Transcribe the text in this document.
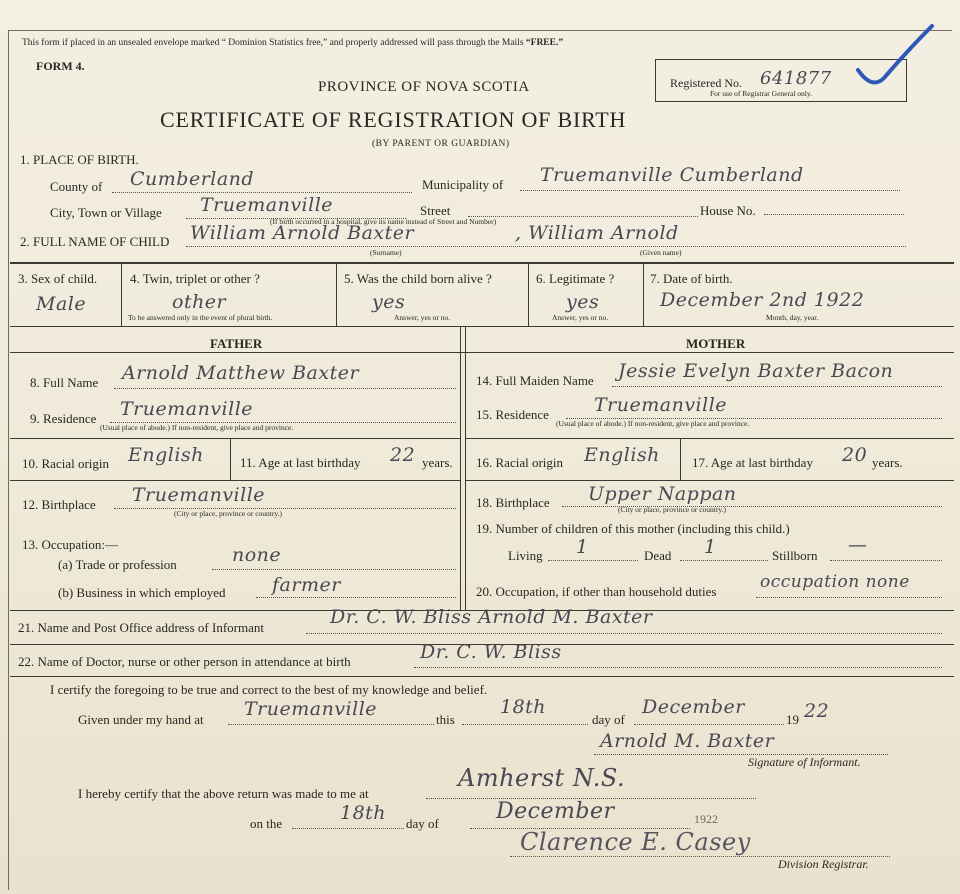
This form if placed in an unsealed envelope marked “ Dominion Statistics free,” and properly addressed will pass through the Mails “FREE.”
FORM 4.
PROVINCE OF NOVA SCOTIA
CERTIFICATE OF REGISTRATION OF BIRTH
(BY PARENT OR GUARDIAN)
Registered No. 641877
For use of Registrar General only.
1. PLACE OF BIRTH.
County of Cumberland	Municipality of Truemanville Cumberland
City, Town or Village Truemanville	Street	House No.
(If birth occurred in a hospital, give its name instead of Street and Number)
2. FULL NAME OF CHILD William Arnold Baxter	, William Arnold
(Surname)	(Given name)
3. Sex of child.
Male
4. Twin, triplet or other ?
other
To be answered only in the event of plural birth.
5. Was the child born alive ?
yes
Answer, yes or no.
6. Legitimate ?
yes
Answer, yes or no.
7. Date of birth.
December 2nd 1922
Month, day, year.
FATHER	MOTHER
8. Full Name Arnold Matthew Baxter
9. Residence Truemanville
(Usual place of abode.) If non-resident, give place and province.
10. Racial origin English	11. Age at last birthday 22 years.
12. Birthplace Truemanville
(City or place, province or country.)
13. Occupation:—
(a) Trade or profession	none
(b) Business in which employed farmer
14. Full Maiden Name Jessie Evelyn Baxter Bacon
15. Residence Truemanville
(Usual place of abode.) If non-resident, give place and province.
16. Racial origin English 17. Age at last birthday 20 years.
18. Birthplace Upper Nappan
(City or place, province or country.)
19. Number of children of this mother (including this child.)
Living 1	Dead 1	Stillborn —
20. Occupation, if other than household duties	occupation none
21. Name and Post Office address of Informant	Dr. C. W. Bliss Arnold M. Baxter
22. Name of Doctor, nurse or other person in attendance at birth	Dr. C. W. Bliss
I certify the foregoing to be true and correct to the best of my knowledge and belief.
Given under my hand at Truemanville	this
18th
day of
December
19 22
Arnold M. Baxter
Signature of Informant.
I hereby certify that the above return was made to me at
Amherst N.S.
on the	18th day of	December	1922
Clarence E. Casey
Division Registrar.
